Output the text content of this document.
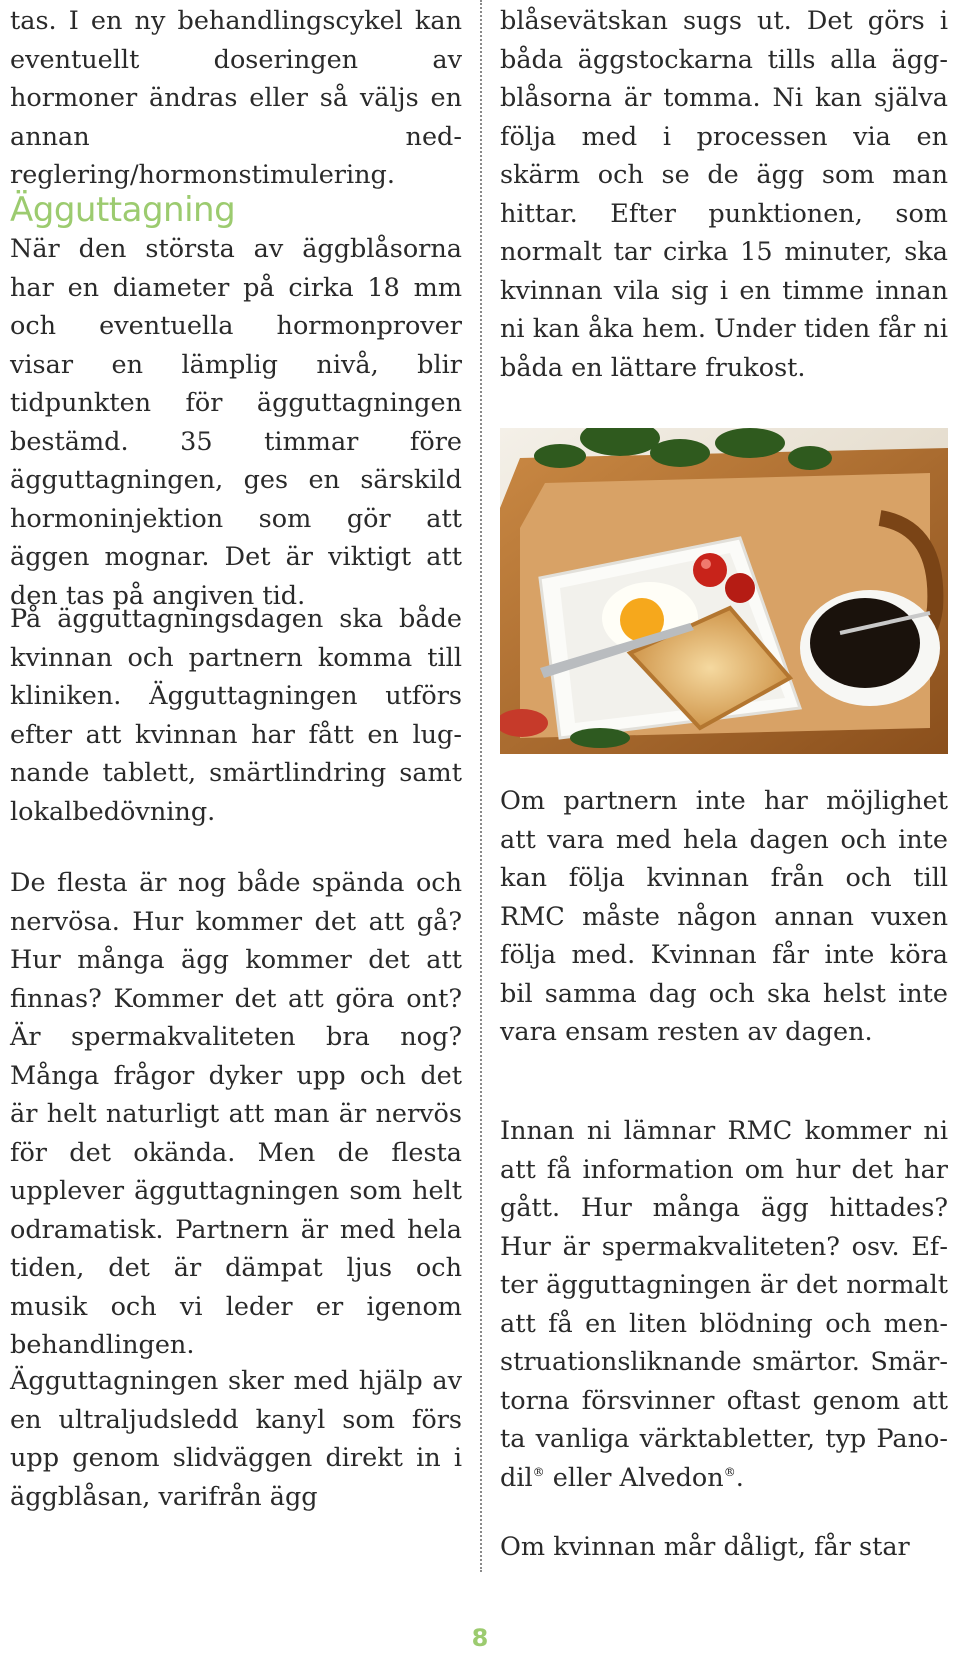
tas. I en ny behandlingscykel kan eventuellt doseringen av hormoner ändras eller så väljs en annan nedreglering/hormonstimulering.

Ägguttagning

När den största av äggblåsorna har en diameter på cirka 18 mm och eventuella hormonprover visar en lämplig nivå, blir tidpunkten för ägguttagningen bestämd. 35 timmar före ägguttagningen, ges en särskild hormoninjektion som gör att äggen mognar. Det är viktigt att den tas på angiven tid.

På ägguttagningsdagen ska både kvinnan och partnern komma till kliniken. Ägguttagningen utförs efter att kvinnan har fått en lugnande tablett, smärtlindring samt lokalbedövning.

De flesta är nog både spända och nervösa. Hur kommer det att gå? Hur många ägg kommer det att finnas? Kommer det att göra ont? Är spermakvaliteten bra nog? Många frågor dyker upp och det är helt naturligt att man är nervös för det okända. Men de flesta upplever ägguttagningen som helt odramatisk. Partnern är med hela tiden, det är dämpat ljus och musik och vi leder er igenom behandlingen.

Ägguttagningen sker med hjälp av en ultraljudsledd kanyl som förs upp genom slidväggen direkt in i äggblåsan, varifrån ägg

blåsevätskan sugs ut. Det görs i båda äggstockarna tills alla äggblåsorna är tomma. Ni kan själva följa med i processen via en skärm och se de ägg som man hittar. Efter punktionen, som normalt tar cirka 15 minuter, ska kvinnan vila sig i en timme innan ni kan åka hem. Under tiden får ni båda en lättare frukost.

Om partnern inte har möjlighet att vara med hela dagen och inte kan följa kvinnan från och till RMC måste någon annan vuxen följa med. Kvinnan får inte köra bil samma dag och ska helst inte vara ensam resten av dagen.

Innan ni lämnar RMC kommer ni att få information om hur det har gått. Hur många ägg hittades? Hur är spermakvaliteten? osv. Efter ägguttagningen är det normalt att få en liten blödning och menstruationsliknande smärtor. Smärtorna försvinner oftast genom att ta vanliga värktabletter, typ Panodil® eller Alvedon®.

Om kvinnan mår dåligt, får star

8
